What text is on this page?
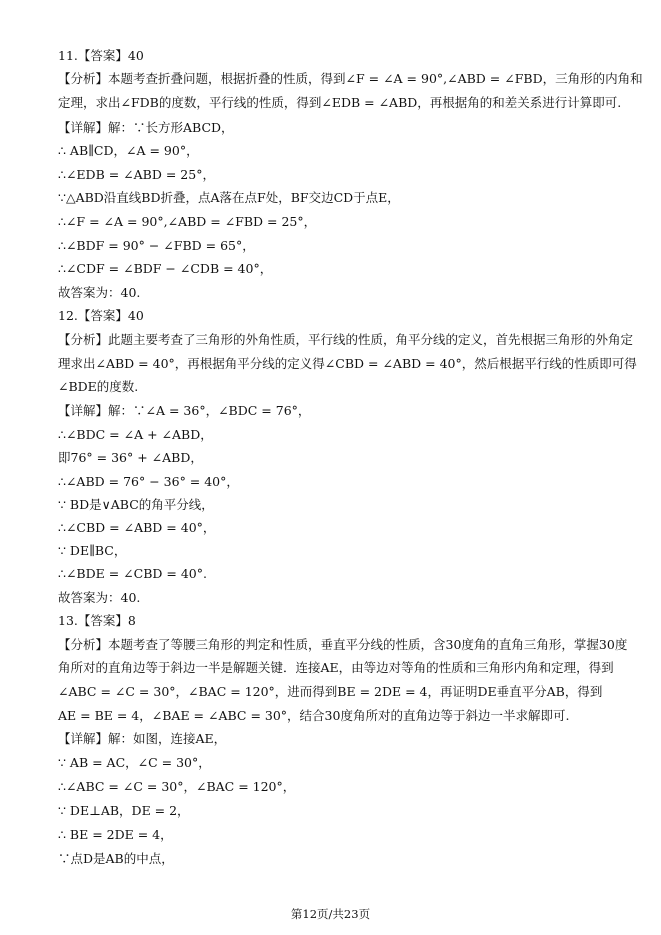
11.【答案】40
【分析】本题考查折叠问题，根据折叠的性质，得到∠F = ∠A = 90°,∠ABD = ∠FBD，三角形的内角和
定理，求出∠FDB的度数，平行线的性质，得到∠EDB = ∠ABD，再根据角的和差关系进行计算即可.
【详解】解：∵长方形ABCD，
∴ AB∥CD，∠A = 90°，
∴∠EDB = ∠ABD = 25°，
∵△ABD沿直线BD折叠，点A落在点F处，BF交边CD于点E，
∴∠F = ∠A = 90°,∠ABD = ∠FBD = 25°，
∴∠BDF = 90° − ∠FBD = 65°，
∴∠CDF = ∠BDF − ∠CDB = 40°，
故答案为：40.
12.【答案】40
【分析】此题主要考查了三角形的外角性质，平行线的性质，角平分线的定义，首先根据三角形的外角定
理求出∠ABD = 40°，再根据角平分线的定义得∠CBD = ∠ABD = 40°，然后根据平行线的性质即可得
∠BDE的度数.
【详解】解：∵∠A = 36°，∠BDC = 76°，
∴∠BDC = ∠A + ∠ABD，
即76° = 36° + ∠ABD，
∴∠ABD = 76° − 36° = 40°，
∵ BD是∨ABC的角平分线，
∴∠CBD = ∠ABD = 40°，
∵ DE∥BC，
∴∠BDE = ∠CBD = 40°.
故答案为：40.
13.【答案】8
【分析】本题考查了等腰三角形的判定和性质，垂直平分线的性质，含30度角的直角三角形，掌握30度
角所对的直角边等于斜边一半是解题关键．连接AE，由等边对等角的性质和三角形内角和定理，得到
∠ABC = ∠C = 30°，∠BAC = 120°，进而得到BE = 2DE = 4，再证明DE垂直平分AB，得到
AE = BE = 4，∠BAE = ∠ABC = 30°，结合30度角所对的直角边等于斜边一半求解即可.
【详解】解：如图，连接AE，
∵ AB = AC，∠C = 30°，
∴∠ABC = ∠C = 30°，∠BAC = 120°，
∵ DE⊥AB，DE = 2，
∴ BE = 2DE = 4，
∵点D是AB的中点，
第12页/共23页
